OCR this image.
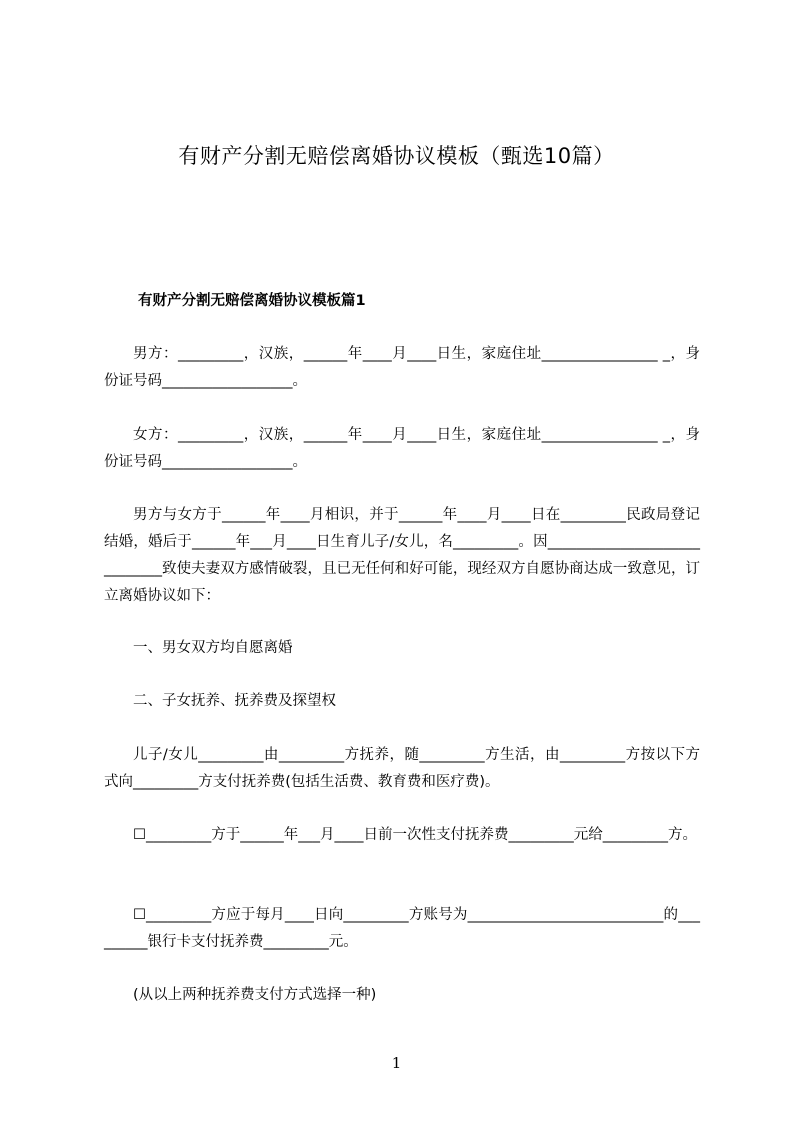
有财产分割无赔偿离婚协议模板（甄选10篇）
有财产分割无赔偿离婚协议模板篇1
男方：_________，汉族，______年____月____日生，家庭住址________________ _，身份证号码__________________。
女方：_________，汉族，______年____月____日生，家庭住址________________ _，身份证号码__________________。
男方与女方于______年____月相识，并于______年____月____日在_________民政局登记结婚，婚后于______年___月____日生育儿子/女儿，名_________。因_____________________________致使夫妻双方感情破裂，且已无任何和好可能，现经双方自愿协商达成一致意见，订立离婚协议如下：
一、男女双方均自愿离婚
二、子女抚养、抚养费及探望权
儿子/女儿_________由_________方抚养，随_________方生活，由_________方按以下方式向_________方支付抚养费(包括生活费、教育费和医疗费)。
☐_________方于______年___月____日前一次性支付抚养费_________元给_________方。
☐_________方应于每月____日向_________方账号为___________________________的_________银行卡支付抚养费_________元。
(从以上两种抚养费支付方式选择一种)
1
